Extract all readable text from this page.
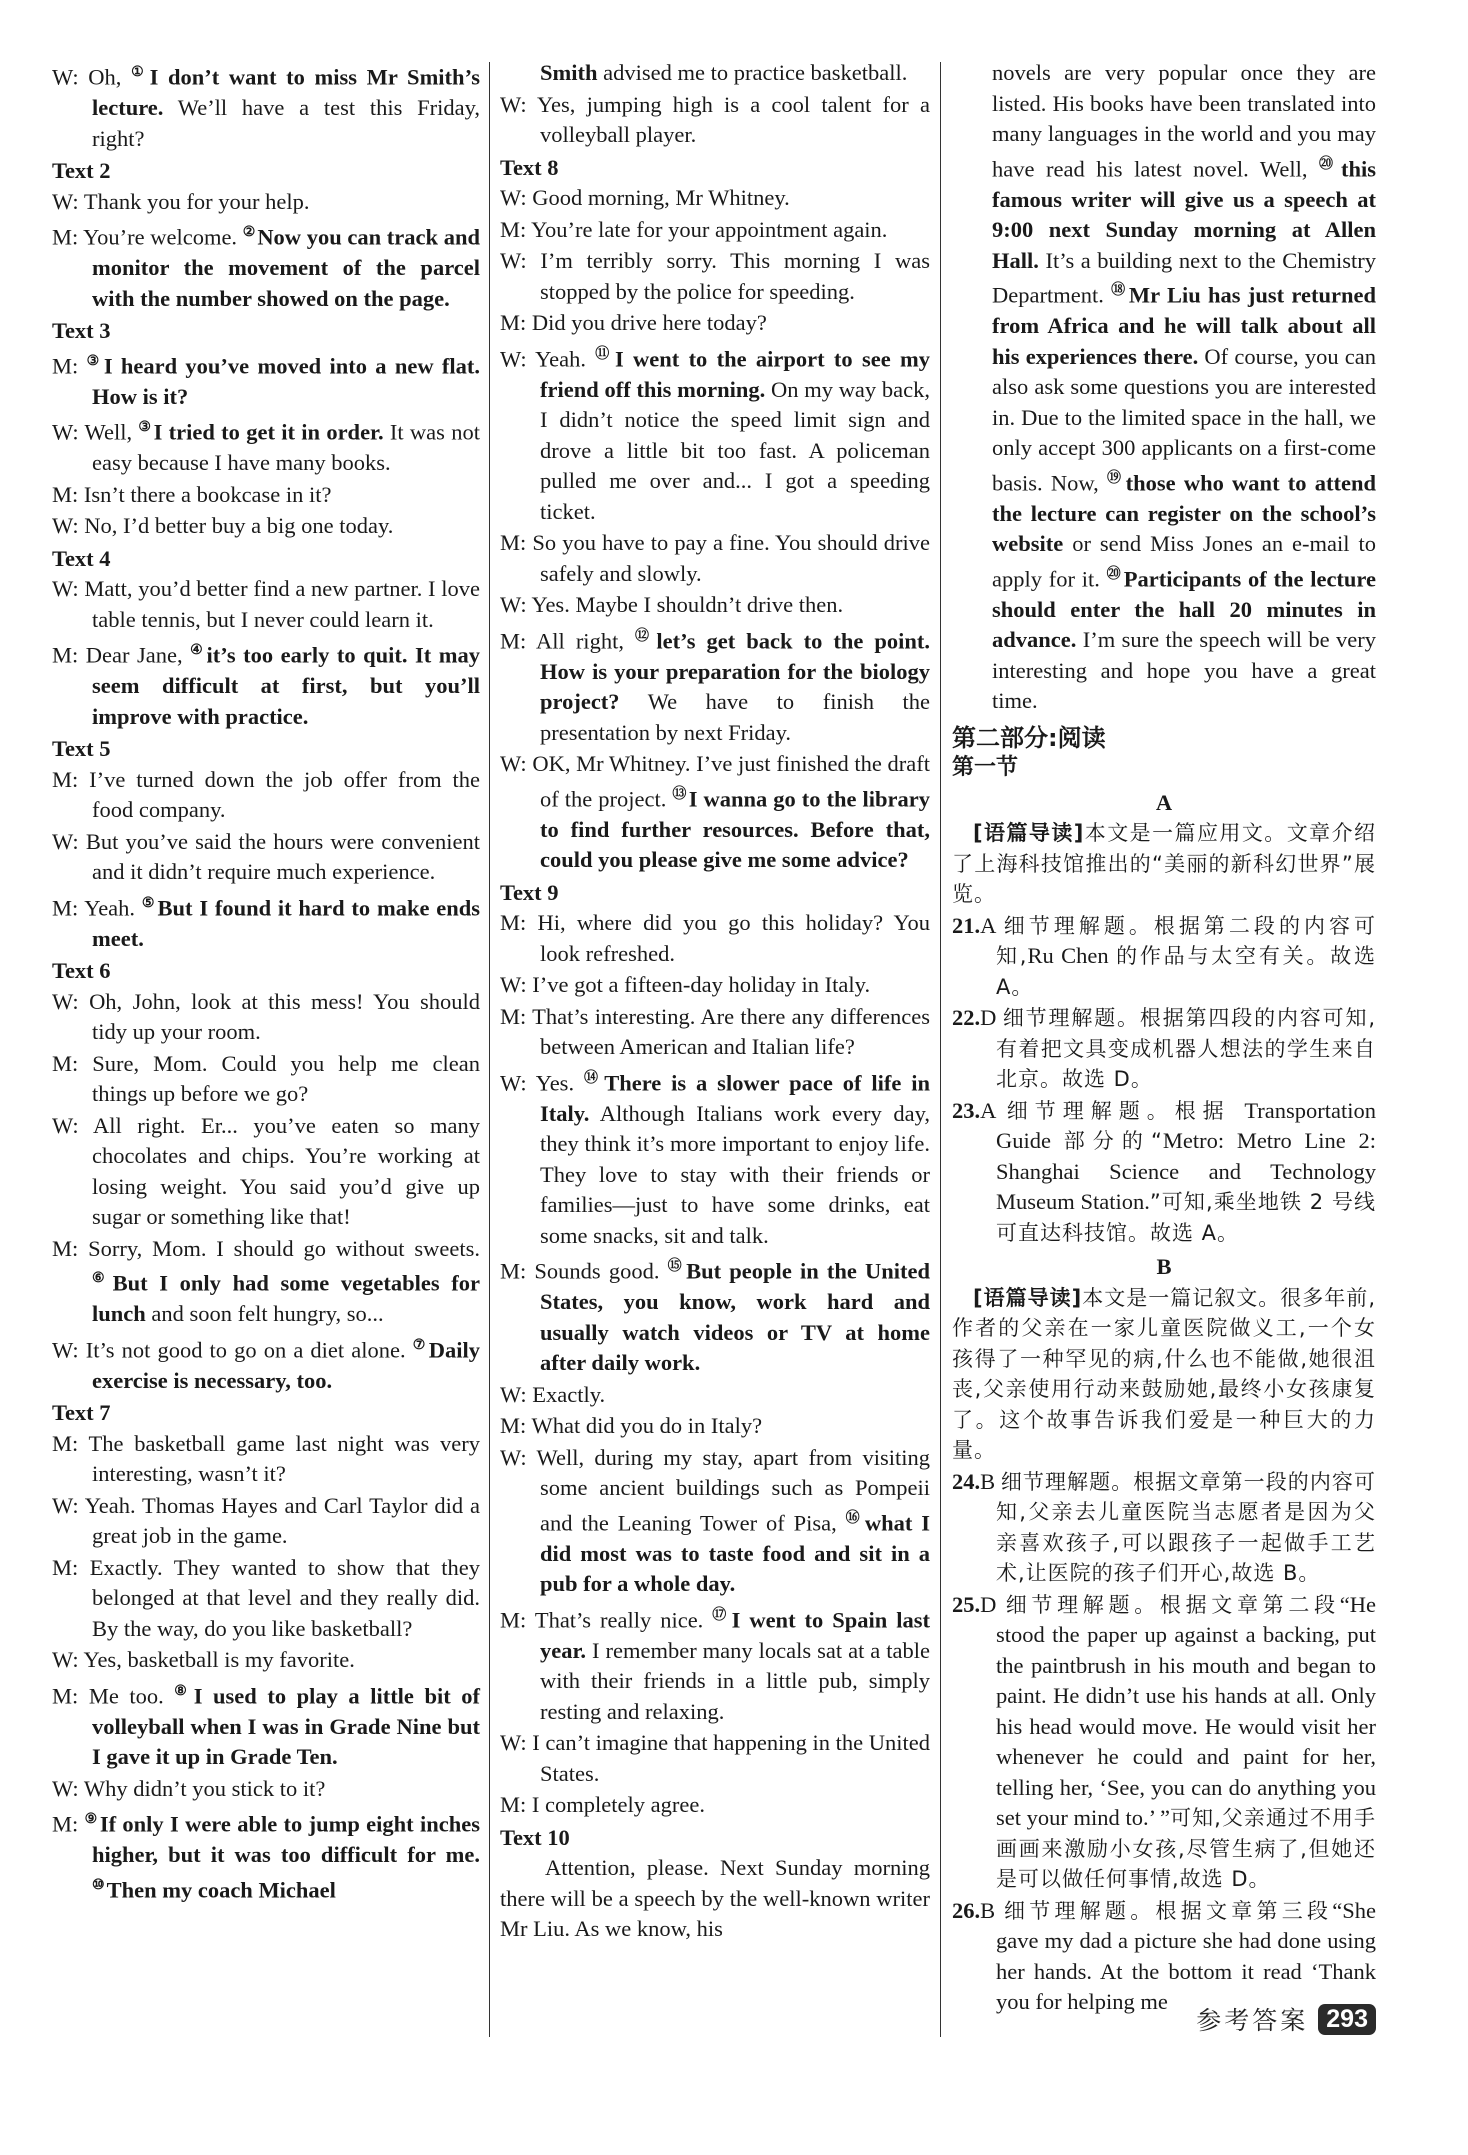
W: Oh, ①I don’t want to miss Mr Smith’s lecture. We’ll have a test this Friday, right?
Text 2
W: Thank you for your help.
M: You’re welcome. ②Now you can track and monitor the movement of the parcel with the number showed on the page.
Text 3
M: ③I heard you’ve moved into a new flat. How is it?
W: Well, ③I tried to get it in order. It was not easy because I have many books.
M: Isn’t there a bookcase in it?
W: No, I’d better buy a big one today.
Text 4
W: Matt, you’d better find a new partner. I love table tennis, but I never could learn it.
M: Dear Jane, ④it’s too early to quit. It may seem difficult at first, but you’ll improve with practice.
Text 5
M: I’ve turned down the job offer from the food company.
W: But you’ve said the hours were convenient and it didn’t require much experience.
M: Yeah. ⑤But I found it hard to make ends meet.
Text 6
W: Oh, John, look at this mess! You should tidy up your room.
M: Sure, Mom. Could you help me clean things up before we go?
W: All right. Er... you’ve eaten so many chocolates and chips. You’re working at losing weight. You said you’d give up sugar or something like that!
M: Sorry, Mom. I should go without sweets. ⑥But I only had some vegetables for lunch and soon felt hungry, so...
W: It’s not good to go on a diet alone. ⑦Daily exercise is necessary, too.
Text 7
M: The basketball game last night was very interesting, wasn’t it?
W: Yeah. Thomas Hayes and Carl Taylor did a great job in the game.
M: Exactly. They wanted to show that they belonged at that level and they really did. By the way, do you like basketball?
W: Yes, basketball is my favorite.
M: Me too. ⑧I used to play a little bit of volleyball when I was in Grade Nine but I gave it up in Grade Ten.
W: Why didn’t you stick to it?
M: ⑨If only I were able to jump eight inches higher, but it was too difficult for me. ⑩Then my coach Michael
Smith advised me to practice basketball.
W: Yes, jumping high is a cool talent for a volleyball player.
Text 8
W: Good morning, Mr Whitney.
M: You’re late for your appointment again.
W: I’m terribly sorry. This morning I was stopped by the police for speeding.
M: Did you drive here today?
W: Yeah. ⑪I went to the airport to see my friend off this morning. On my way back, I didn’t notice the speed limit sign and drove a little bit too fast. A policeman pulled me over and... I got a speeding ticket.
M: So you have to pay a fine. You should drive safely and slowly.
W: Yes. Maybe I shouldn’t drive then.
M: All right, ⑫let’s get back to the point. How is your preparation for the biology project? We have to finish the presentation by next Friday.
W: OK, Mr Whitney. I’ve just finished the draft of the project. ⑬I wanna go to the library to find further resources. Before that, could you please give me some advice?
Text 9
M: Hi, where did you go this holiday? You look refreshed.
W: I’ve got a fifteen-day holiday in Italy.
M: That’s interesting. Are there any differences between American and Italian life?
W: Yes. ⑭There is a slower pace of life in Italy. Although Italians work every day, they think it’s more important to enjoy life. They love to stay with their friends or families—just to have some drinks, eat some snacks, sit and talk.
M: Sounds good. ⑮But people in the United States, you know, work hard and usually watch videos or TV at home after daily work.
W: Exactly.
M: What did you do in Italy?
W: Well, during my stay, apart from visiting some ancient buildings such as Pompeii and the Leaning Tower of Pisa, ⑯what I did most was to taste food and sit in a pub for a whole day.
M: That’s really nice. ⑰I went to Spain last year. I remember many locals sat at a table with their friends in a little pub, simply resting and relaxing.
W: I can’t imagine that happening in the United States.
M: I completely agree.
Text 10
Attention, please. Next Sunday morning there will be a speech by the well-known writer Mr Liu. As we know, his
novels are very popular once they are listed. His books have been translated into many languages in the world and you may have read his latest novel. Well, ⑳this famous writer will give us a speech at 9:00 next Sunday morning at Allen Hall. It’s a building next to the Chemistry Department. ⑱Mr Liu has just returned from Africa and he will talk about all his experiences there. Of course, you can also ask some questions you are interested in. Due to the limited space in the hall, we only accept 300 applicants on a first-come basis. Now, ⑲those who want to attend the lecture can register on the school’s website or send Miss Jones an e-mail to apply for it. ⑳Participants of the lecture should enter the hall 20 minutes in advance. I’m sure the speech will be very interesting and hope you have a great time.
第二部分:阅读
第一节
A
[语篇导读]本文是一篇应用文。文章介绍了上海科技馆推出的“美丽的新科幻世界”展览。
21.A 细节理解题。根据第二段的内容可知,Ru Chen 的作品与太空有关。故选 A。
22.D 细节理解题。根据第四段的内容可知,有着把文具变成机器人想法的学生来自北京。故选 D。
23.A 细节理解题。根据 Transportation Guide 部分的“Metro: Metro Line 2: Shanghai Science and Technology Museum Station.”可知,乘坐地铁 2 号线可直达科技馆。故选 A。
B
[语篇导读]本文是一篇记叙文。很多年前,作者的父亲在一家儿童医院做义工,一个女孩得了一种罕见的病,什么也不能做,她很沮丧,父亲使用行动来鼓励她,最终小女孩康复了。这个故事告诉我们爱是一种巨大的力量。
24.B 细节理解题。根据文章第一段的内容可知,父亲去儿童医院当志愿者是因为父亲喜欢孩子,可以跟孩子一起做手工艺术,让医院的孩子们开心,故选 B。
25.D 细节理解题。根据文章第二段“He stood the paper up against a backing, put the paintbrush in his mouth and began to paint. He didn’t use his hands at all. Only his head would move. He would visit her whenever he could and paint for her, telling her, ‘See, you can do anything you set your mind to.’ ”可知,父亲通过不用手画画来激励小女孩,尽管生病了,但她还是可以做任何事情,故选 D。
26.B 细节理解题。根据文章第三段“She gave my dad a picture she had done using her hands. At the bottom it read ‘Thank you for helping me
参考答案 293
